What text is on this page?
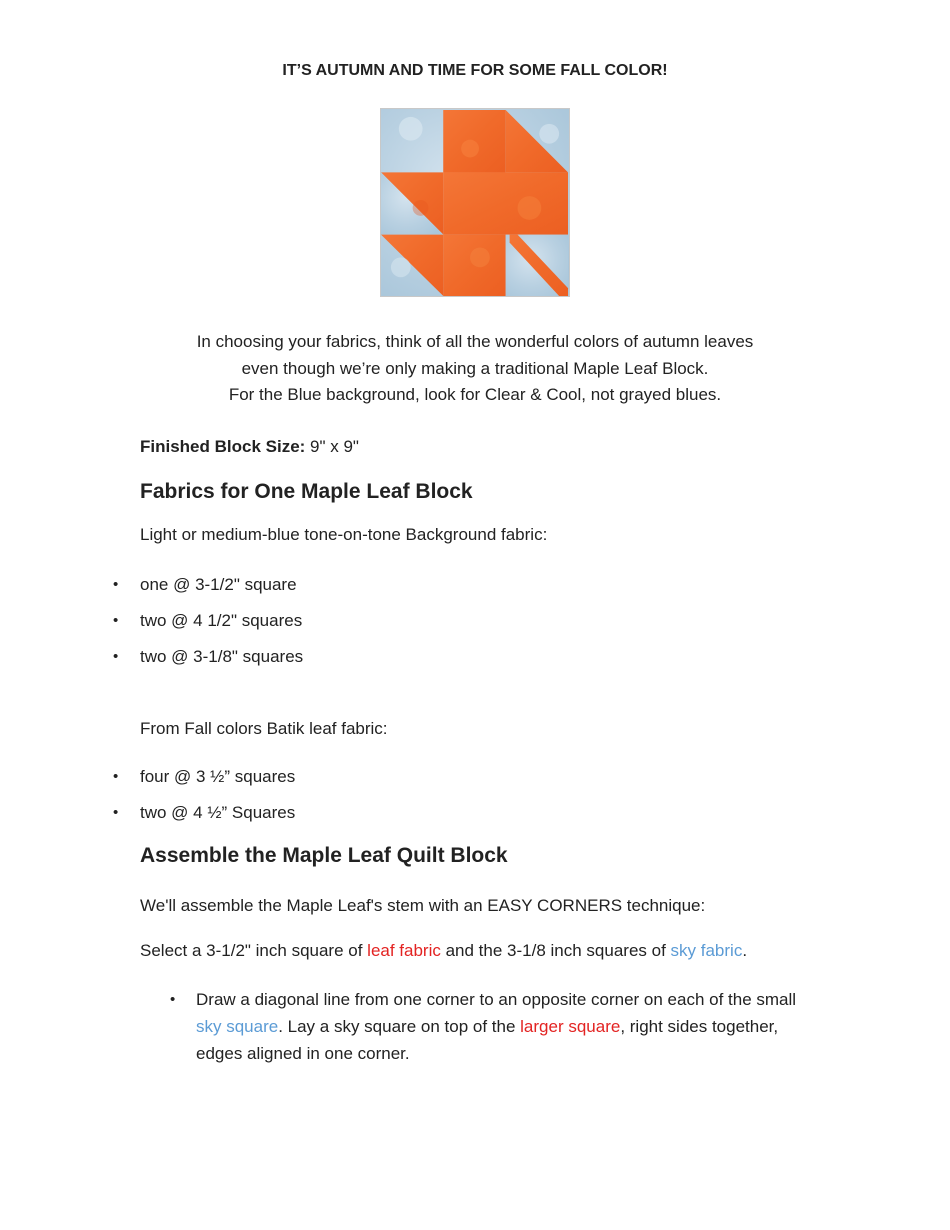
IT’S AUTUMN AND TIME FOR SOME FALL COLOR!

In choosing your fabrics, think of all the wonderful colors of autumn leaves
even though we’re only making a traditional Maple Leaf Block.
For the Blue background, look for Clear & Cool, not grayed blues.

Finished Block Size: 9" x 9"

Fabrics for One Maple Leaf Block

Light or medium-blue tone-on-tone Background fabric:

• one @ 3-1/2" square
• two @ 4 1/2" squares
• two @ 3-1/8" squares

From Fall colors Batik leaf fabric:

• four @ 3 ½” squares
• two @ 4 ½” Squares
Assemble the Maple Leaf Quilt Block

We'll assemble the Maple Leaf's stem with an EASY CORNERS technique:

Select a 3-1/2" inch square of leaf fabric and the 3-1/8 inch squares of sky fabric.

• Draw a diagonal line from one corner to an opposite corner on each of the small sky square. Lay a sky square on top of the larger square, right sides together, edges aligned in one corner.
